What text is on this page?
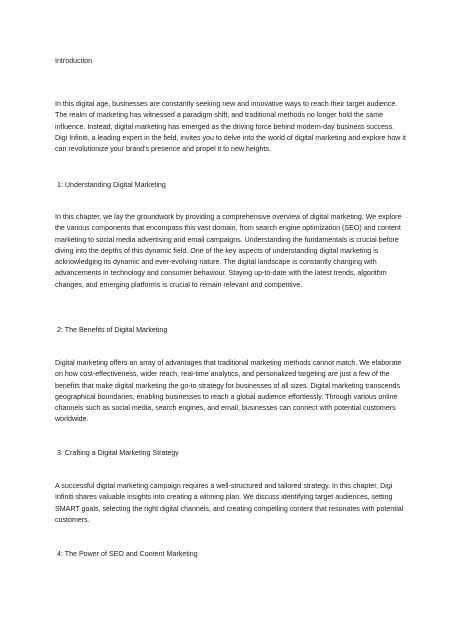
Introduction
In this digital age, businesses are constantly seeking new and innovative ways to reach their target audience. The realm of marketing has witnessed a paradigm shift, and traditional methods no longer hold the same influence. Instead, digital marketing has emerged as the driving force behind modern-day business success. Digi Infiniti, a leading expert in the field, invites you to delve into the world of digital marketing and explore how it can revolutionize your brand's presence and propel it to new heights.
1: Understanding Digital Marketing
In this chapter, we lay the groundwork by providing a comprehensive overview of digital marketing. We explore the various components that encompass this vast domain, from search engine optimization (SEO) and content marketing to social media advertising and email campaigns. Understanding the fundamentals is crucial before diving into the depths of this dynamic field. One of the key aspects of understanding digital marketing is acknowledging its dynamic and ever-evolving nature. The digital landscape is constantly changing with advancements in technology and consumer behaviour. Staying up-to-date with the latest trends, algorithm changes, and emerging platforms is crucial to remain relevant and competitive.
2: The Benefits of Digital Marketing
Digital marketing offers an array of advantages that traditional marketing methods cannot match. We elaborate on how cost-effectiveness, wider reach, real-time analytics, and personalized targeting are just a few of the benefits that make digital marketing the go-to strategy for businesses of all sizes. Digital marketing transcends geographical boundaries, enabling businesses to reach a global audience effortlessly. Through various online channels such as social media, search engines, and email, businesses can connect with potential customers worldwide.
3: Crafting a Digital Marketing Strategy
A successful digital marketing campaign requires a well-structured and tailored strategy. In this chapter, Digi Infiniti shares valuable insights into creating a winning plan. We discuss identifying target audiences, setting SMART goals, selecting the right digital channels, and creating compelling content that resonates with potential customers.
4: The Power of SEO and Content Marketing
